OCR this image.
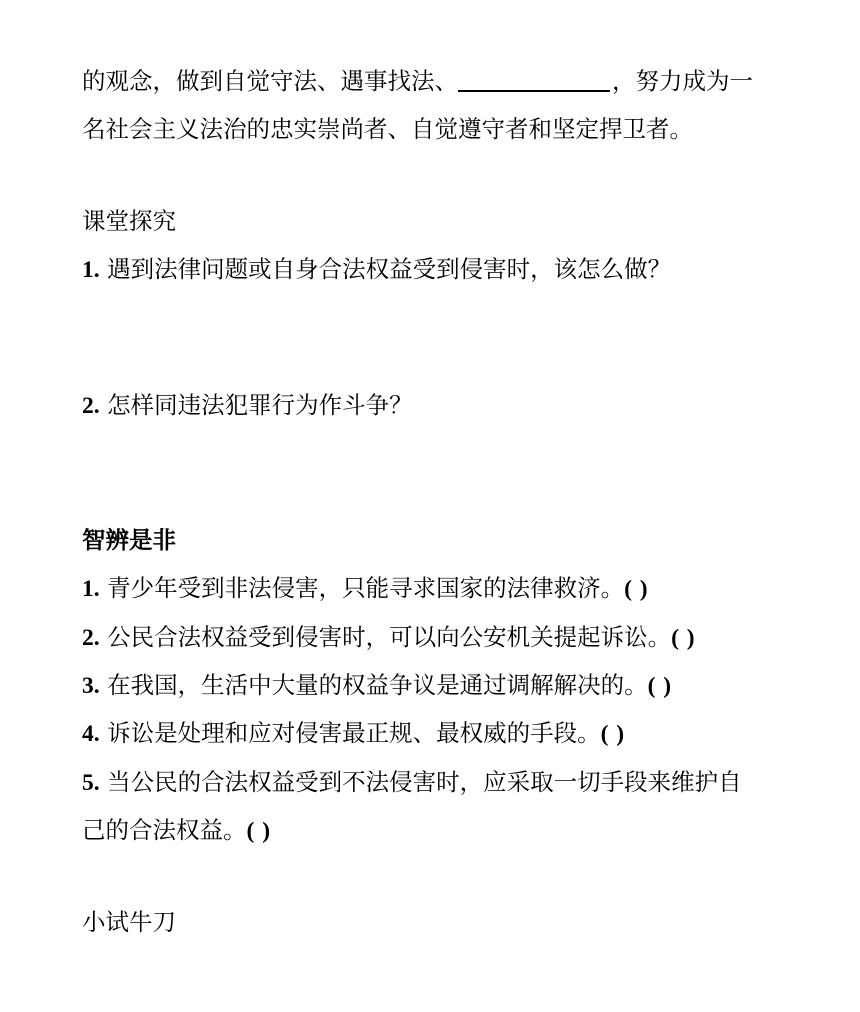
的观念，做到自觉守法、遇事找法、	，努力成为一
名社会主义法治的忠实崇尚者、自觉遵守者和坚定捍卫者。
课堂探究
1. 遇到法律问题或自身合法权益受到侵害时，该怎么做？
2. 怎样同违法犯罪行为作斗争？
智辨是非
1. 青少年受到非法侵害，只能寻求国家的法律救济。( )
2. 公民合法权益受到侵害时，可以向公安机关提起诉讼。( )
3. 在我国，生活中大量的权益争议是通过调解解决的。( )
4. 诉讼是处理和应对侵害最正规、最权威的手段。( )
5. 当公民的合法权益受到不法侵害时，应采取一切手段来维护自
己的合法权益。( )
小试牛刀
